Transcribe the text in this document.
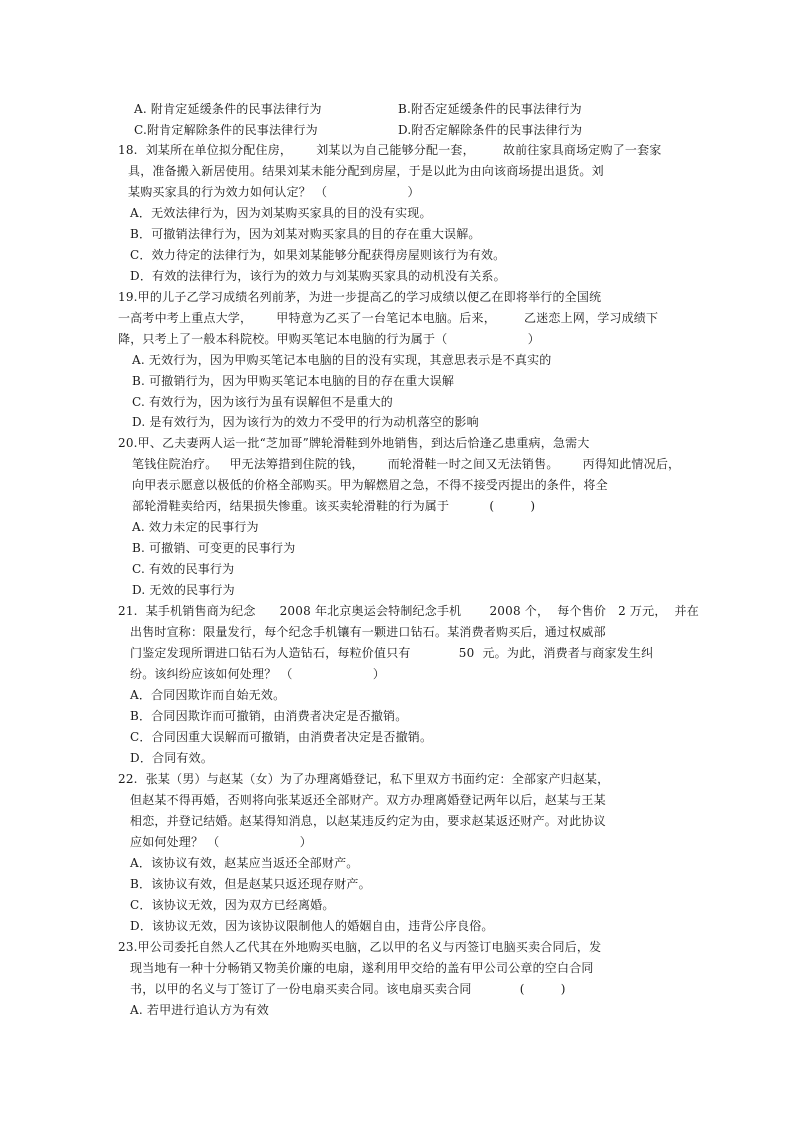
A. 附肯定延缓条件的民事法律行为	B.附否定延缓条件的民事法律行为
C.附肯定解除条件的民事法律行为	D.附否定解除条件的民事法律行为
18.  刘某所在单位拟分配住房，      刘某以为自己能够分配一套，       故前往家具商场定购了一套家
具，准备搬入新居使用。结果刘某未能分配到房屋，于是以此为由向该商场提出退货。刘
某购买家具的行为效力如何认定？ （                    ）
A．无效法律行为，因为刘某购买家具的目的没有实现。
B．可撤销法律行为，因为刘某对购买家具的目的存在重大误解。
C．效力待定的法律行为，如果刘某能够分配获得房屋则该行为有效。
D．有效的法律行为，该行为的效力与刘某购买家具的动机没有关系。
19.甲的儿子乙学习成绩名列前茅，为进一步提高乙的学习成绩以便乙在即将举行的全国统
一高考中考上重点大学，      甲特意为乙买了一台笔记本电脑。后来，       乙迷恋上网，学习成绩下
降，只考上了一般本科院校。甲购买笔记本电脑的行为属于（                    ）
A. 无效行为，因为甲购买笔记本电脑的目的没有实现，其意思表示是不真实的
B. 可撤销行为，因为甲购买笔记本电脑的目的存在重大误解
C. 有效行为，因为该行为虽有误解但不是重大的
D. 是有效行为，因为该行为的效力不受甲的行为动机落空的影响
20.甲、乙夫妻两人运一批“芝加哥”牌轮滑鞋到外地销售，到达后恰逢乙患重病，急需大
笔钱住院治疗。   甲无法筹措到住院的钱，      而轮滑鞋一时之间又无法销售。      丙得知此情况后，
向甲表示愿意以极低的价格全部购买。甲为解燃眉之急，不得不接受丙提出的条件，将全
部轮滑鞋卖给丙，结果损失惨重。该买卖轮滑鞋的行为属于          (         )
A. 效力未定的民事行为
B. 可撤销、可变更的民事行为
C. 有效的民事行为
D. 无效的民事行为
21.  某手机销售商为纪念      2008 年北京奥运会特制纪念手机       2008 个，  每个售价   2 万元，  并在
出售时宣称：限量发行，每个纪念手机镶有一颗进口钻石。某消费者购买后，通过权威部
门鉴定发现所谓进口钻石为人造钻石，每粒价值只有            50  元。为此，消费者与商家发生纠
纷。该纠纷应该如何处理？ （                    ）
A．合同因欺诈而自始无效。
B．合同因欺诈而可撤销，由消费者决定是否撤销。
C．合同因重大误解而可撤销，由消费者决定是否撤销。
D．合同有效。
22.  张某（男）与赵某（女）为了办理离婚登记，私下里双方书面约定：全部家产归赵某，
但赵某不得再婚，否则将向张某返还全部财产。双方办理离婚登记两年以后，赵某与王某
相恋，并登记结婚。赵某得知消息，以赵某违反约定为由，要求赵某返还财产。对此协议
应如何处理？ （                    ）
A．该协议有效，赵某应当返还全部财产。
B．该协议有效，但是赵某只返还现存财产。
C．该协议无效，因为双方已经离婚。
D．该协议无效，因为该协议限制他人的婚姻自由，违背公序良俗。
23.甲公司委托自然人乙代其在外地购买电脑，乙以甲的名义与丙签订电脑买卖合同后，发
现当地有一种十分畅销又物美价廉的电扇，遂利用甲交给的盖有甲公司公章的空白合同
书，以甲的名义与丁签订了一份电扇买卖合同。该电扇买卖合同            (         )
A. 若甲进行追认方为有效
